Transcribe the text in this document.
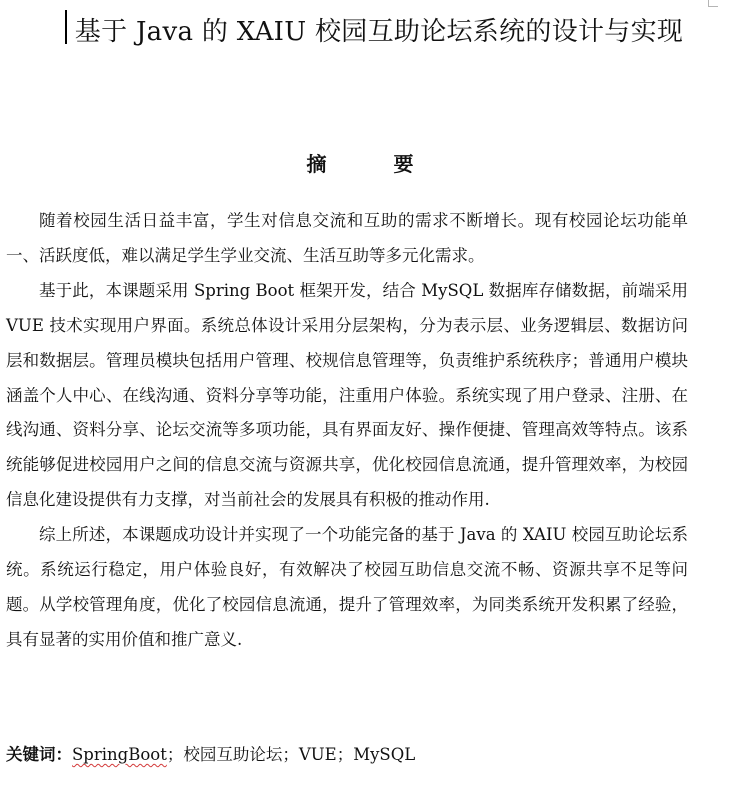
基于 Java 的 XAIU 校园互助论坛系统的设计与实现
摘 要

随着校园生活日益丰富，学生对信息交流和互助的需求不断增长。现有校园论坛功能单一、活跃度低，难以满足学生学业交流、生活互助等多元化需求。

基于此，本课题采用 Spring Boot 框架开发，结合 MySQL 数据库存储数据，前端采用 VUE 技术实现用户界面。系统总体设计采用分层架构，分为表示层、业务逻辑层、数据访问层和数据层。管理员模块包括用户管理、校规信息管理等，负责维护系统秩序；普通用户模块涵盖个人中心、在线沟通、资料分享等功能，注重用户体验。系统实现了用户登录、注册、在线沟通、资料分享、论坛交流等多项功能，具有界面友好、操作便捷、管理高效等特点。该系统能够促进校园用户之间的信息交流与资源共享，优化校园信息流通，提升管理效率，为校园信息化建设提供有力支撑，对当前社会的发展具有积极的推动作用.

综上所述，本课题成功设计并实现了一个功能完备的基于 Java 的 XAIU 校园互助论坛系统。系统运行稳定，用户体验良好，有效解决了校园互助信息交流不畅、资源共享不足等问题。从学校管理角度，优化了校园信息流通，提升了管理效率，为同类系统开发积累了经验，具有显著的实用价值和推广意义.

关键词：SpringBoot；校园互助论坛；VUE；MySQL
